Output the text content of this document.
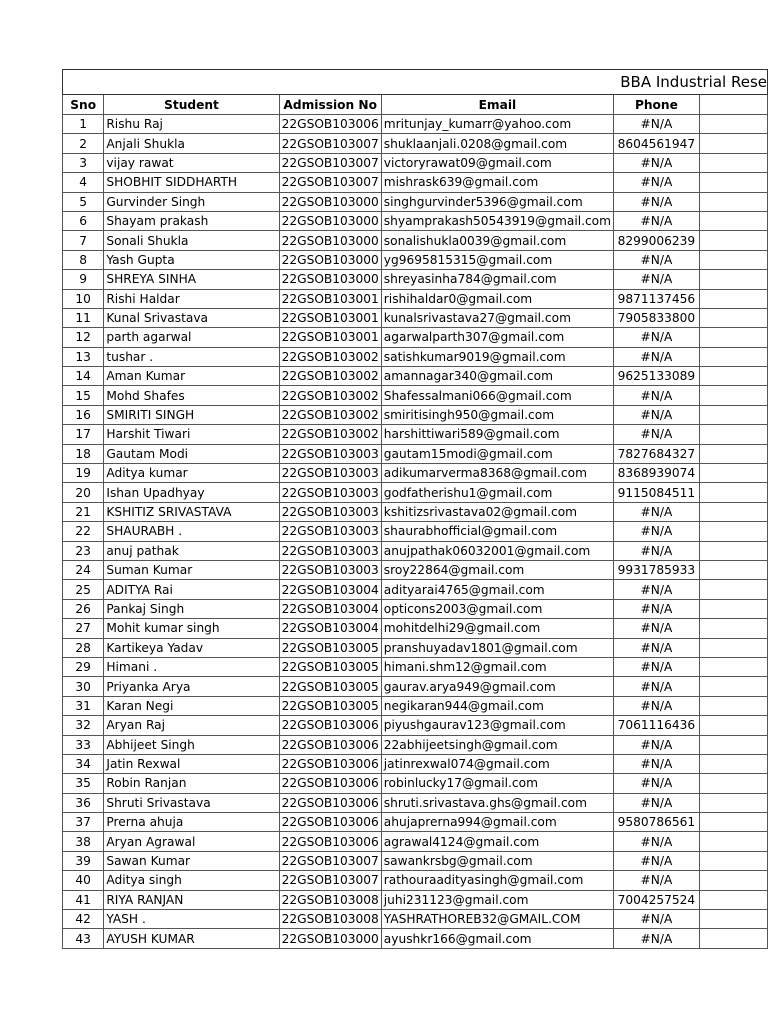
BBA Industrial Rese					
Sno	Student	Admission No	Email	Phone	
1	Rishu Raj	22GSOB103006	mritunjay_kumarr@yahoo.com	#N/A	
2	Anjali Shukla	22GSOB103007	shuklaanjali.0208@gmail.com	8604561947	
3	vijay rawat	22GSOB103007	victoryrawat09@gmail.com	#N/A	
4	SHOBHIT SIDDHARTH	22GSOB103007	mishrask639@gmail.com	#N/A	
5	Gurvinder Singh	22GSOB103000	singhgurvinder5396@gmail.com	#N/A	
6	Shayam prakash	22GSOB103000	shyamprakash50543919@gmail.com	#N/A	
7	Sonali Shukla	22GSOB103000	sonalishukla0039@gmail.com	8299006239	
8	Yash Gupta	22GSOB103000	yg9695815315@gmail.com	#N/A	
9	SHREYA SINHA	22GSOB103000	shreyasinha784@gmail.com	#N/A	
10	Rishi Haldar	22GSOB103001	rishihaldar0@gmail.com	9871137456	
11	Kunal Srivastava	22GSOB103001	kunalsrivastava27@gmail.com	7905833800	
12	parth agarwal	22GSOB103001	agarwalparth307@gmail.com	#N/A	
13	tushar .	22GSOB103002	satishkumar9019@gmail.com	#N/A	
14	Aman Kumar	22GSOB103002	amannagar340@gmail.com	9625133089	
15	Mohd Shafes	22GSOB103002	Shafessalmani066@gmail.com	#N/A	
16	SMIRITI SINGH	22GSOB103002	smiritisingh950@gmail.com	#N/A	
17	Harshit Tiwari	22GSOB103002	harshittiwari589@gmail.com	#N/A	
18	Gautam Modi	22GSOB103003	gautam15modi@gmail.com	7827684327	
19	Aditya kumar	22GSOB103003	adikumarverma8368@gmail.com	8368939074	
20	Ishan Upadhyay	22GSOB103003	godfatherishu1@gmail.com	9115084511	
21	KSHITIZ SRIVASTAVA	22GSOB103003	kshitizsrivastava02@gmail.com	#N/A	
22	SHAURABH .	22GSOB103003	shaurabhofficial@gmail.com	#N/A	
23	anuj pathak	22GSOB103003	anujpathak06032001@gmail.com	#N/A	
24	Suman Kumar	22GSOB103003	sroy22864@gmail.com	9931785933	
25	ADITYA Rai	22GSOB103004	adityarai4765@gmail.com	#N/A	
26	Pankaj Singh	22GSOB103004	opticons2003@gmail.com	#N/A	
27	Mohit kumar singh	22GSOB103004	mohitdelhi29@gmail.com	#N/A	
28	Kartikeya Yadav	22GSOB103005	pranshuyadav1801@gmail.com	#N/A	
29	Himani .	22GSOB103005	himani.shm12@gmail.com	#N/A	
30	Priyanka Arya	22GSOB103005	gaurav.arya949@gmail.com	#N/A	
31	Karan Negi	22GSOB103005	negikaran944@gmail.com	#N/A	
32	Aryan Raj	22GSOB103006	piyushgaurav123@gmail.com	7061116436	
33	Abhijeet Singh	22GSOB103006	22abhijeetsingh@gmail.com	#N/A	
34	Jatin Rexwal	22GSOB103006	jatinrexwal074@gmail.com	#N/A	
35	Robin Ranjan	22GSOB103006	robinlucky17@gmail.com	#N/A	
36	Shruti Srivastava	22GSOB103006	shruti.srivastava.ghs@gmail.com	#N/A	
37	Prerna ahuja	22GSOB103006	ahujaprerna994@gmail.com	9580786561	
38	Aryan Agrawal	22GSOB103006	agrawal4124@gmail.com	#N/A	
39	Sawan Kumar	22GSOB103007	sawankrsbg@gmail.com	#N/A	
40	Aditya singh	22GSOB103007	rathouraadityasingh@gmail.com	#N/A	
41	RIYA RANJAN	22GSOB103008	juhi231123@gmail.com	7004257524	
42	YASH .	22GSOB103008	YASHRATHOREB32@GMAIL.COM	#N/A	
43	AYUSH KUMAR	22GSOB103000	ayushkr166@gmail.com	#N/A	
